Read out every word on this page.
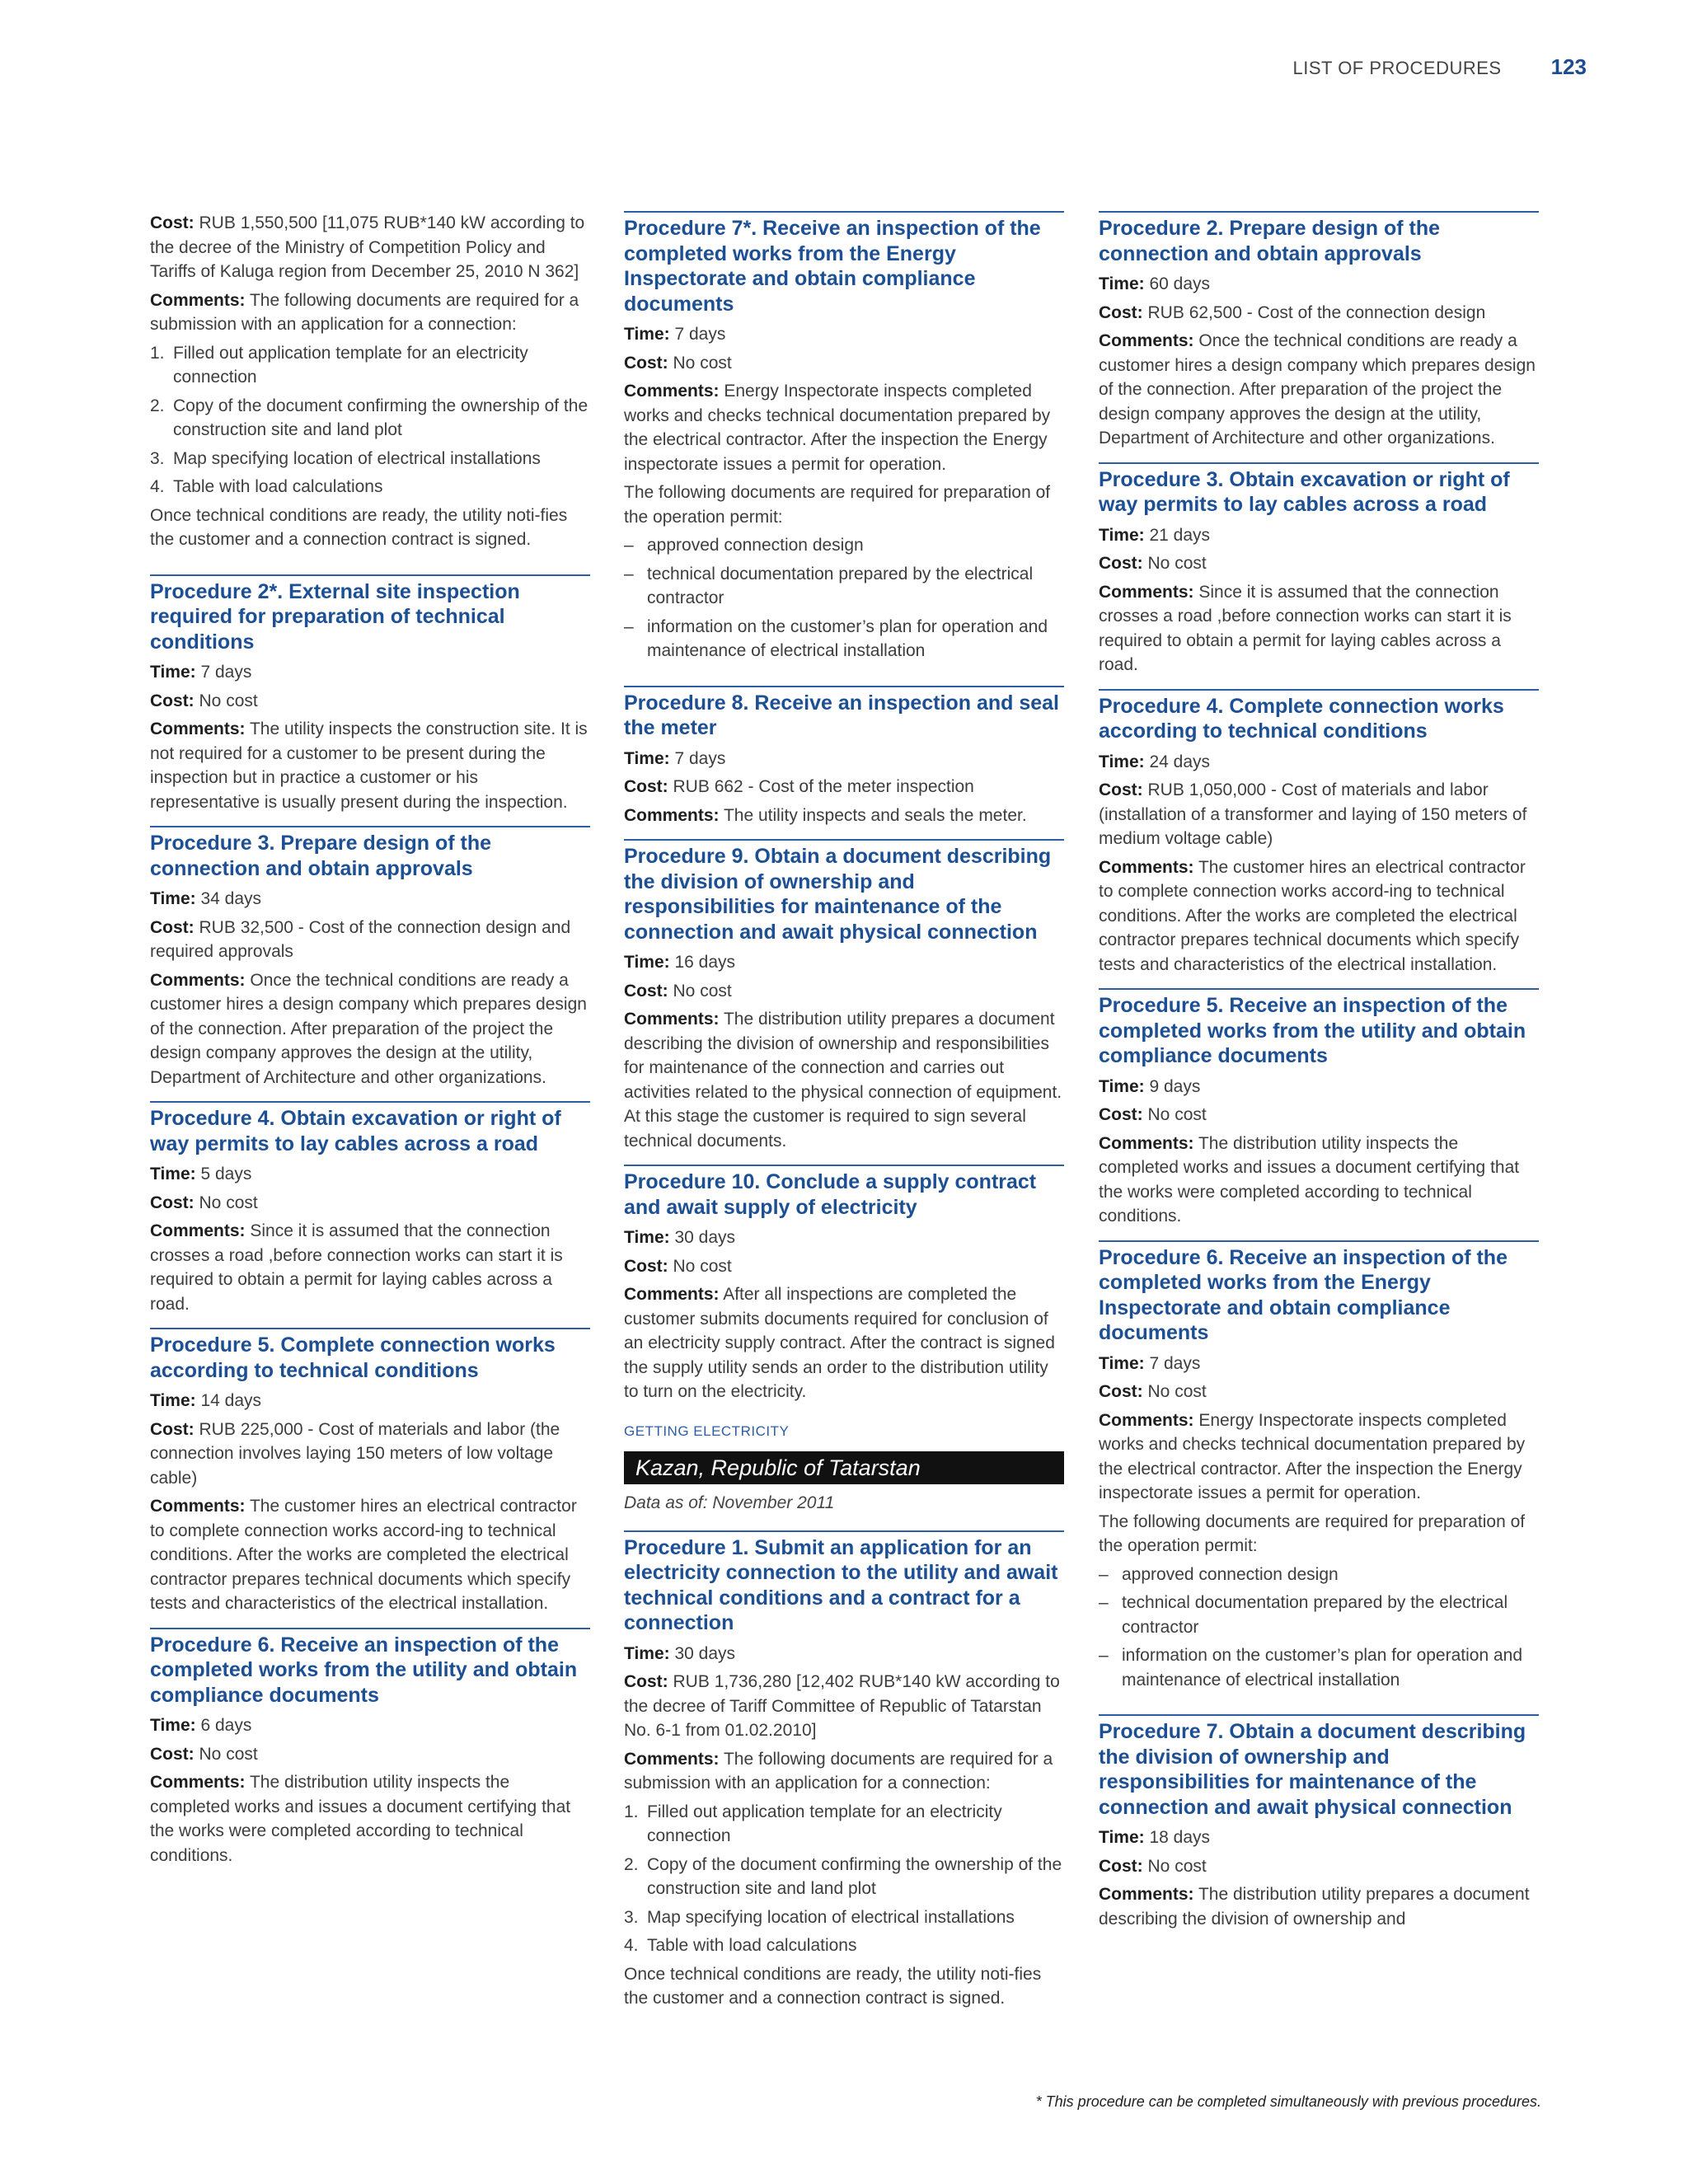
LIST OF PROCEDURES 123

Cost: RUB 1,550,500 [11,075 RUB*140 kW according to the decree of the Ministry of Competition Policy and Tariffs of Kaluga region from December 25, 2010 N 362]

Comments: The following documents are required for a submission with an application for a connection:

1. Filled out application template for an electricity connection
2. Copy of the document confirming the ownership of the construction site and land plot
3. Map specifying location of electrical installations
4. Table with load calculations

Once technical conditions are ready, the utility noti-fies the customer and a connection contract is signed.

Procedure 2*. External site inspection required for preparation of technical conditions

Time: 7 days

Cost: No cost

Comments: The utility inspects the construction site. It is not required for a customer to be present during the inspection but in practice a customer or his representative is usually present during the inspection.

Procedure 3. Prepare design of the connection and obtain approvals

Time: 34 days

Cost: RUB 32,500 - Cost of the connection design and required approvals

Comments: Once the technical conditions are ready a customer hires a design company which prepares design of the connection. After preparation of the project the design company approves the design at the utility, Department of Architecture and other organizations.

Procedure 4. Obtain excavation or right of way permits to lay cables across a road

Time: 5 days

Cost: No cost

Comments: Since it is assumed that the connection crosses a road ,before connection works can start it is required to obtain a permit for laying cables across a road.

Procedure 5. Complete connection works according to technical conditions

Time: 14 days

Cost: RUB 225,000 - Cost of materials and labor (the connection involves laying 150 meters of low voltage cable)

Comments: The customer hires an electrical contractor to complete connection works accord-ing to technical conditions. After the works are completed the electrical contractor prepares technical documents which specify tests and characteristics of the electrical installation.

Procedure 6. Receive an inspection of the completed works from the utility and obtain compliance documents

Time: 6 days

Cost: No cost

Comments: The distribution utility inspects the completed works and issues a document certifying that the works were completed according to technical conditions.

Procedure 7*. Receive an inspection of the completed works from the Energy Inspectorate and obtain compliance documents

Time: 7 days

Cost: No cost

Comments: Energy Inspectorate inspects completed works and checks technical documentation prepared by the electrical contractor. After the inspection the Energy inspectorate issues a permit for operation.

The following documents are required for preparation of the operation permit:

– approved connection design
– technical documentation prepared by the electrical contractor
– information on the customer’s plan for operation and maintenance of electrical installation
Procedure 8. Receive an inspection and seal the meter

Time: 7 days

Cost: RUB 662 - Cost of the meter inspection

Comments: The utility inspects and seals the meter.

Procedure 9. Obtain a document describing the division of ownership and responsibilities for maintenance of the connection and await physical connection

Time: 16 days

Cost: No cost

Comments: The distribution utility prepares a document describing the division of ownership and responsibilities for maintenance of the connection and carries out activities related to the physical connection of equipment. At this stage the customer is required to sign several technical documents.

Procedure 10. Conclude a supply contract and await supply of electricity

Time: 30 days

Cost: No cost

Comments: After all inspections are completed the customer submits documents required for conclusion of an electricity supply contract. After the contract is signed the supply utility sends an order to the distribution utility to turn on the electricity.

GETTING ELECTRICITY
Kazan, Republic of Tatarstan

Data as of: November 2011

Procedure 1. Submit an application for an electricity connection to the utility and await technical conditions and a contract for a connection

Time: 30 days

Cost: RUB 1,736,280 [12,402 RUB*140 kW according to the decree of Tariff Committee of Republic of Tatarstan No. 6-1 from 01.02.2010]

Comments: The following documents are required for a submission with an application for a connection:

1. Filled out application template for an electricity connection
2. Copy of the document confirming the ownership of the construction site and land plot
3. Map specifying location of electrical installations
4. Table with load calculations

Once technical conditions are ready, the utility noti-fies the customer and a connection contract is signed.

Procedure 2. Prepare design of the connection and obtain approvals

Time: 60 days

Cost: RUB 62,500 - Cost of the connection design

Comments: Once the technical conditions are ready a customer hires a design company which prepares design of the connection. After preparation of the project the design company approves the design at the utility, Department of Architecture and other organizations.

Procedure 3. Obtain excavation or right of way permits to lay cables across a road

Time: 21 days

Cost: No cost

Comments: Since it is assumed that the connection crosses a road ,before connection works can start it is required to obtain a permit for laying cables across a road.

Procedure 4. Complete connection works according to technical conditions

Time: 24 days

Cost: RUB 1,050,000 - Cost of materials and labor (installation of a transformer and laying of 150 meters of medium voltage cable)

Comments: The customer hires an electrical contractor to complete connection works accord-ing to technical conditions. After the works are completed the electrical contractor prepares technical documents which specify tests and characteristics of the electrical installation.

Procedure 5. Receive an inspection of the completed works from the utility and obtain compliance documents

Time: 9 days

Cost: No cost

Comments: The distribution utility inspects the completed works and issues a document certifying that the works were completed according to technical conditions.

Procedure 6. Receive an inspection of the completed works from the Energy Inspectorate and obtain compliance documents

Time: 7 days

Cost: No cost

Comments: Energy Inspectorate inspects completed works and checks technical documentation prepared by the electrical contractor. After the inspection the Energy inspectorate issues a permit for operation.

The following documents are required for preparation of the operation permit:

– approved connection design
– technical documentation prepared by the electrical contractor
– information on the customer’s plan for operation and maintenance of electrical installation
Procedure 7. Obtain a document describing the division of ownership and responsibilities for maintenance of the connection and await physical connection

Time: 18 days

Cost: No cost

Comments: The distribution utility prepares a document describing the division of ownership and

* This procedure can be completed simultaneously with previous procedures.
